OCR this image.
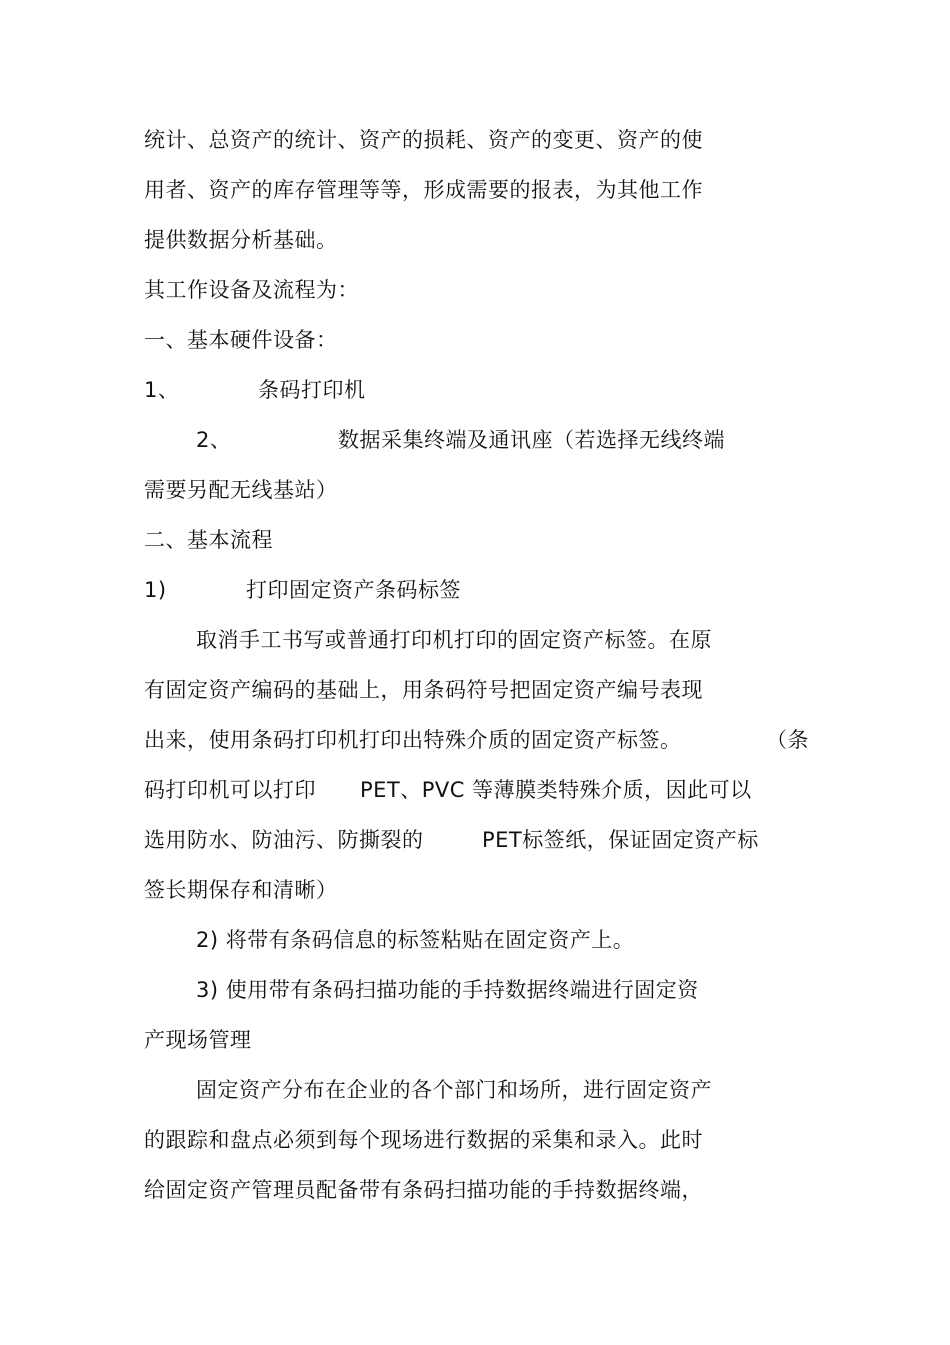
统计、总资产的统计、资产的损耗、资产的变更、资产的使
用者、资产的库存管理等等，形成需要的报表，为其他工作
提供数据分析基础。
其工作设备及流程为：
一、基本硬件设备：
1、	条码打印机
2、	数据采集终端及通讯座（若选择无线终端
需要另配无线基站）
二、基本流程
1)	打印固定资产条码标签
取消手工书写或普通打印机打印的固定资产标签。在原
有固定资产编码的基础上，用条码符号把固定资产编号表现
出来，使用条码打印机打印出特殊介质的固定资产标签。	（条
码打印机可以打印 PET、PVC 等薄膜类特殊介质，因此可以
选用防水、防油污、防撕裂的	PET标签纸，保证固定资产标
签长期保存和清晰）
2) 将带有条码信息的标签粘贴在固定资产上。
3) 使用带有条码扫描功能的手持数据终端进行固定资
产现场管理
固定资产分布在企业的各个部门和场所，进行固定资产
的跟踪和盘点必须到每个现场进行数据的采集和录入。此时
给固定资产管理员配备带有条码扫描功能的手持数据终端，
